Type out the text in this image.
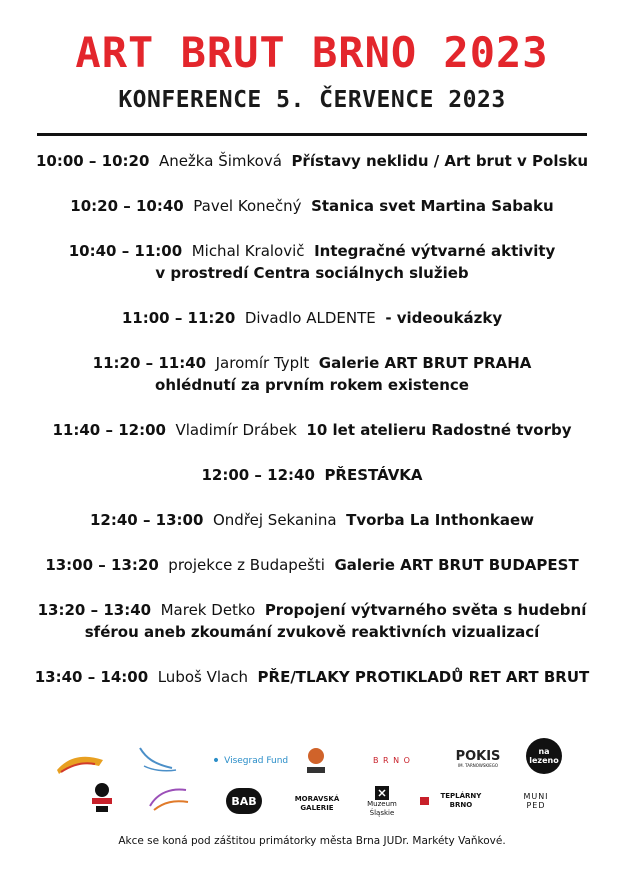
ART BRUT BRNO 2023
KONFERENCE 5. ČERVENCE 2023
10:00 – 10:20 Anežka Šimková Přístavy neklidu / Art brut v Polsku
10:20 – 10:40 Pavel Konečný Stanica svet Martina Sabaku
10:40 – 11:00 Michal Kralovič Integračné výtvarné aktivity
v prostredí Centra sociálnych služieb
11:00 – 11:20 Divadlo ALDENTE - videoukázky
11:20 – 11:40 Jaromír Typlt Galerie ART BRUT PRAHA
ohlédnutí za prvním rokem existence
11:40 – 12:00 Vladimír Drábek 10 let atelieru Radostné tvorby
12:00 – 12:40 PŘESTÁVKA
12:40 – 13:00 Ondřej Sekanina Tvorba La Inthonkaew
13:00 – 13:20 projekce z Budapešti Galerie ART BRUT BUDAPEST
13:20 – 13:40 Marek Detko Propojení výtvarného světa s hudební
sférou aneb zkoumání zvukově reaktivních vizualizací
13:40 – 14:00 Luboš Vlach PŘE/TLAKY PROTIKLADŮ RET ART BRUT
• Visegrad Fund	B R N O	POKIS
IM. TARNOWSKIEGO
na lezeno
BAB	MORAVSKÁ GALERIE	Muzeum Śląskie
TEPLÁRNY BRNO
MUNI PED
Akce se koná pod záštitou primátorky města Brna JUDr. Markéty Vaňkové.
